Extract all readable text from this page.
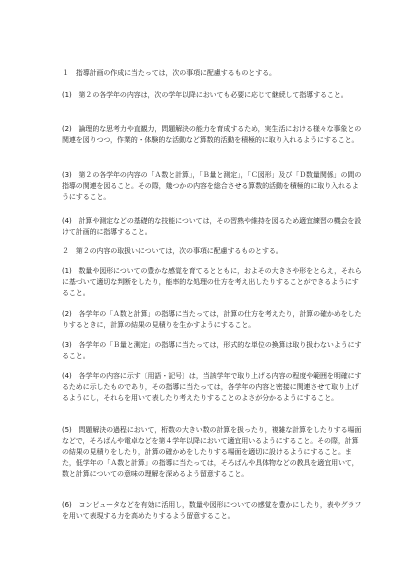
１　指導計画の作成に当たっては，次の事項に配慮するものとする。

(1)　第２の各学年の内容は，次の学年以降においても必要に応じて継続して指導すること。

(2)　論理的な思考力や直観力，問題解決の能力を育成するため，実生活における様々な事象との関連を図りつつ，作業的・体験的な活動など算数的活動を積極的に取り入れるようにすること。

(3)　第２の各学年の内容の「Ａ数と計算」，「Ｂ量と測定」，「Ｃ図形」及び「Ｄ数量関係」の間の指導の関連を図ること。その際，幾つかの内容を総合させる算数的活動を積極的に取り入れるようにすること。

(4)　計算や測定などの基礎的な技能については，その習熟や維持を図るため適宜練習の機会を設けて計画的に指導すること。

２　第２の内容の取扱いについては，次の事項に配慮するものとする。

(1)　数量や図形についての豊かな感覚を育てるとともに，およその大きさや形をとらえ，それらに基づいて適切な判断をしたり，能率的な処理の仕方を考え出したりすることができるようにすること。

(2)　各学年の「Ａ数と計算」の指導に当たっては，計算の仕方を考えたり，計算の確かめをしたりするときに，計算の結果の見積りを生かすようにすること。

(3)　各学年の「Ｂ量と測定」の指導に当たっては，形式的な単位の換算は取り扱わないようにすること。

(4)　各学年の内容に示す〔用語・記号〕は，当該学年で取り上げる内容の程度や範囲を明確にするために示したものであり，その指導に当たっては，各学年の内容と密接に関連させて取り上げるようにし，それらを用いて表したり考えたりすることのよさが分かるようにすること。

(5)　問題解決の過程において，桁数の大きい数の計算を扱ったり，複雑な計算をしたりする場面などで，そろばんや電卓などを第４学年以降において適宜用いるようにすること。その際，計算の結果の見積りをしたり，計算の確かめをしたりする場面を適切に設けるようにすること。また，低学年の「Ａ数と計算」の指導に当たっては，そろばんや具体物などの教具を適宜用いて，数と計算についての意味の理解を深めるよう留意すること。

(6)　コンピュータなどを有効に活用し，数量や図形についての感覚を豊かにしたり，表やグラフを用いて表現する力を高めたりするよう留意すること。
